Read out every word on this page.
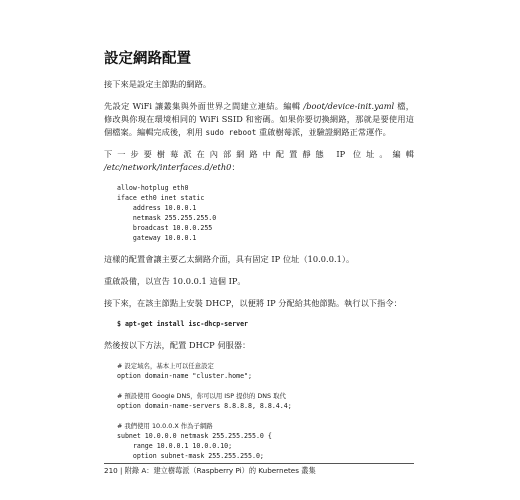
設定網路配置

接下來是設定主節點的網路。

先設定 WiFi 讓叢集與外面世界之間建立連結。編輯 /boot/device-init.yaml 檔，修改與你現在環境相同的 WiFi SSID 和密碼。如果你要切換網路，那就是要使用這個檔案。編輯完成後，利用 sudo reboot 重啟樹莓派，並驗證網路正常運作。

下一步要樹莓派在內部網路中配置靜態 IP 位址。編輯 /etc/network/interfaces.d/eth0：

allow-hotplug eth0
iface eth0 inet static
address 10.0.0.1
netmask 255.255.255.0
broadcast 10.0.0.255
gateway 10.0.0.1

這樣的配置會讓主要乙太網路介面，具有固定 IP 位址（10.0.0.1）。

重啟設備，以宣告 10.0.0.1 這個 IP。

接下來，在該主節點上安裝 DHCP，以便將 IP 分配給其他節點。執行以下指令：

$ apt-get install isc-dhcp-server

然後按以下方法，配置 DHCP 伺服器：

# 設定域名，基本上可以任意設定
option domain-name "cluster.home";
# 預設使用 Google DNS，你可以用 ISP 提供的 DNS 取代
option domain-name-servers 8.8.8.8, 8.8.4.4;
# 我們使用 10.0.0.X 作為子網路
subnet 10.0.0.0 netmask 255.255.255.0 {
range 10.0.0.1 10.0.0.10;
option subnet-mask 255.255.255.0;
210 | 附錄 A：建立樹莓派（Raspberry Pi）的 Kubernetes 叢集
